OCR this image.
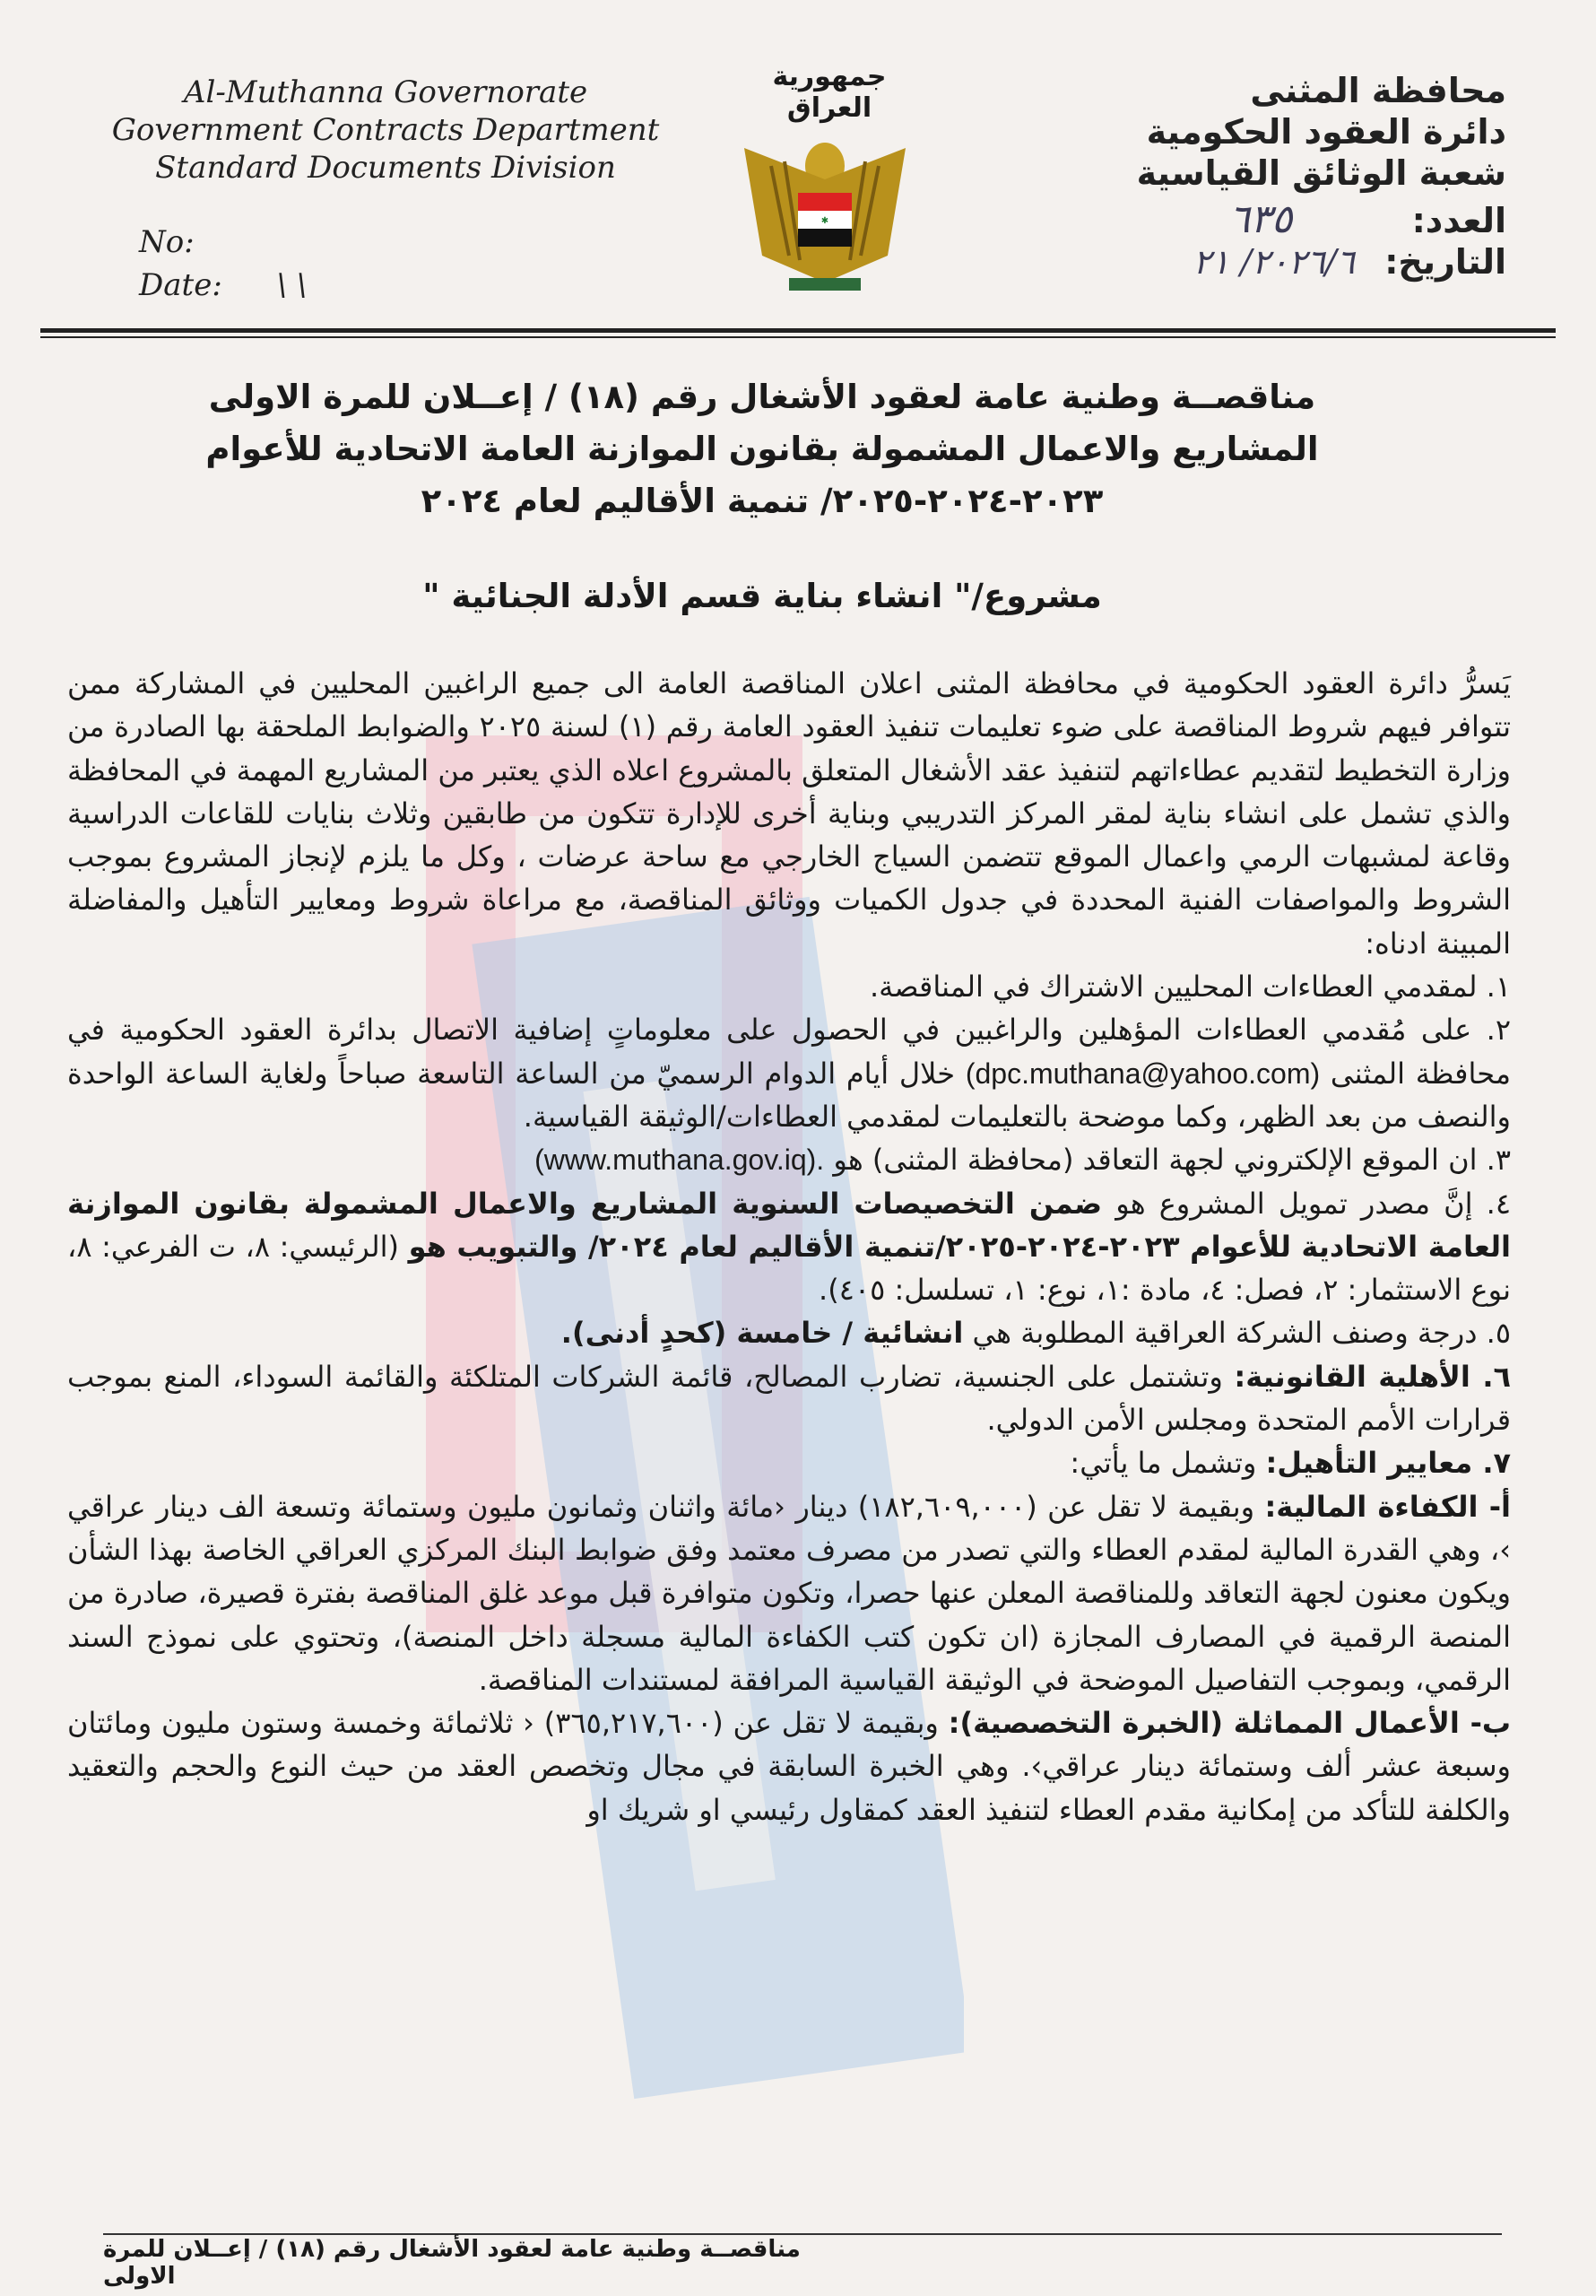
Al-Muthanna Governorate
Government Contracts Department
Standard Documents Division
No:
Date: \ \
جمهورية العراق
✱
محافظة المثنى
دائرة العقود الحكومية
شعبة الوثائق القياسية
العدد: ٦٣٥
التاريخ: ٢٠٢٦/٦/ ٢١
مناقصــة وطنية عامة لعقود الأشغال رقم (١٨) / إعــلان للمرة الاولى
المشاريع والاعمال المشمولة بقانون الموازنة العامة الاتحادية للأعوام
٢٠٢٣-٢٠٢٤-٢٠٢٥/ تنمية الأقاليم لعام ٢٠٢٤
مشروع/" انشاء بناية قسم الأدلة الجنائية "

يَسرُّ دائرة العقود الحكومية في محافظة المثنى اعلان المناقصة العامة الى جميع الراغبين المحليين في المشاركة ممن تتوافر فيهم شروط المناقصة على ضوء تعليمات تنفيذ العقود العامة رقم (١) لسنة ٢٠٢٥ والضوابط الملحقة بها الصادرة من وزارة التخطيط لتقديم عطاءاتهم لتنفيذ عقد الأشغال المتعلق بالمشروع اعلاه الذي يعتبر من المشاريع المهمة في المحافظة والذي تشمل على انشاء بناية لمقر المركز التدريبي وبناية أخرى للإدارة تتكون من طابقين وثلاث بنايات للقاعات الدراسية وقاعة لمشبهات الرمي واعمال الموقع تتضمن السياج الخارجي مع ساحة عرضات ، وكل ما يلزم لإنجاز المشروع بموجب الشروط والمواصفات الفنية المحددة في جدول الكميات ووثائق المناقصة، مع مراعاة شروط ومعايير التأهيل والمفاضلة المبينة ادناه:

١. لمقدمي العطاءات المحليين الاشتراك في المناقصة.

٢. على مُقدمي العطاءات المؤهلين والراغبين في الحصول على معلوماتٍ إضافية الاتصال بدائرة العقود الحكومية في محافظة المثنى (dpc.muthana@yahoo.com) خلال أيام الدوام الرسميّ من الساعة التاسعة صباحاً ولغاية الساعة الواحدة والنصف من بعد الظهر، وكما موضحة بالتعليمات لمقدمي العطاءات/الوثيقة القياسية.

٣. ان الموقع الإلكتروني لجهة التعاقد (محافظة المثنى) هو (www.muthana.gov.iq).

٤. إنَّ مصدر تمويل المشروع هو ضمن التخصيصات السنوية المشاريع والاعمال المشمولة بقانون الموازنة العامة الاتحادية للأعوام ٢٠٢٣-٢٠٢٤-٢٠٢٥/تنمية الأقاليم لعام ٢٠٢٤/ والتبويب هو (الرئيسي: ٨، ت الفرعي: ٨، نوع الاستثمار: ٢، فصل: ٤، مادة :١، نوع: ١، تسلسل: ٤٠٥).

٥. درجة وصنف الشركة العراقية المطلوبة هي انشائية / خامسة (كحدٍ أدنى).

٦. الأهلية القانونية: وتشتمل على الجنسية، تضارب المصالح، قائمة الشركات المتلكئة والقائمة السوداء، المنع بموجب قرارات الأمم المتحدة ومجلس الأمن الدولي.

٧. معايير التأهيل: وتشمل ما يأتي:

أ- الكفاءة المالية: وبقيمة لا تقل عن (١٨٢,٦٠٩,٠٠٠) دينار ‹مائة واثنان وثمانون مليون وستمائة وتسعة الف دينار عراقي ›، وهي القدرة المالية لمقدم العطاء والتي تصدر من مصرف معتمد وفق ضوابط البنك المركزي العراقي الخاصة بهذا الشأن ويكون معنون لجهة التعاقد وللمناقصة المعلن عنها حصرا، وتكون متوافرة قبل موعد غلق المناقصة بفترة قصيرة، صادرة من المنصة الرقمية في المصارف المجازة (ان تكون كتب الكفاءة المالية مسجلة داخل المنصة)، وتحتوي على نموذج السند الرقمي، وبموجب التفاصيل الموضحة في الوثيقة القياسية المرافقة لمستندات المناقصة.

ب- الأعمال المماثلة (الخبرة التخصصية): وبقيمة لا تقل عن (٣٦٥,٢١٧,٦٠٠) ‹ ثلاثمائة وخمسة وستون مليون ومائتان وسبعة عشر ألف وستمائة دينار عراقي›. وهي الخبرة السابقة في مجال وتخصص العقد من حيث النوع والحجم والتعقيد والكلفة للتأكد من إمكانية مقدم العطاء لتنفيذ العقد كمقاول رئيسي او شريك او

مناقصــة وطنية عامة لعقود الأشغال رقم (١٨) / إعــلان للمرة الاولى
